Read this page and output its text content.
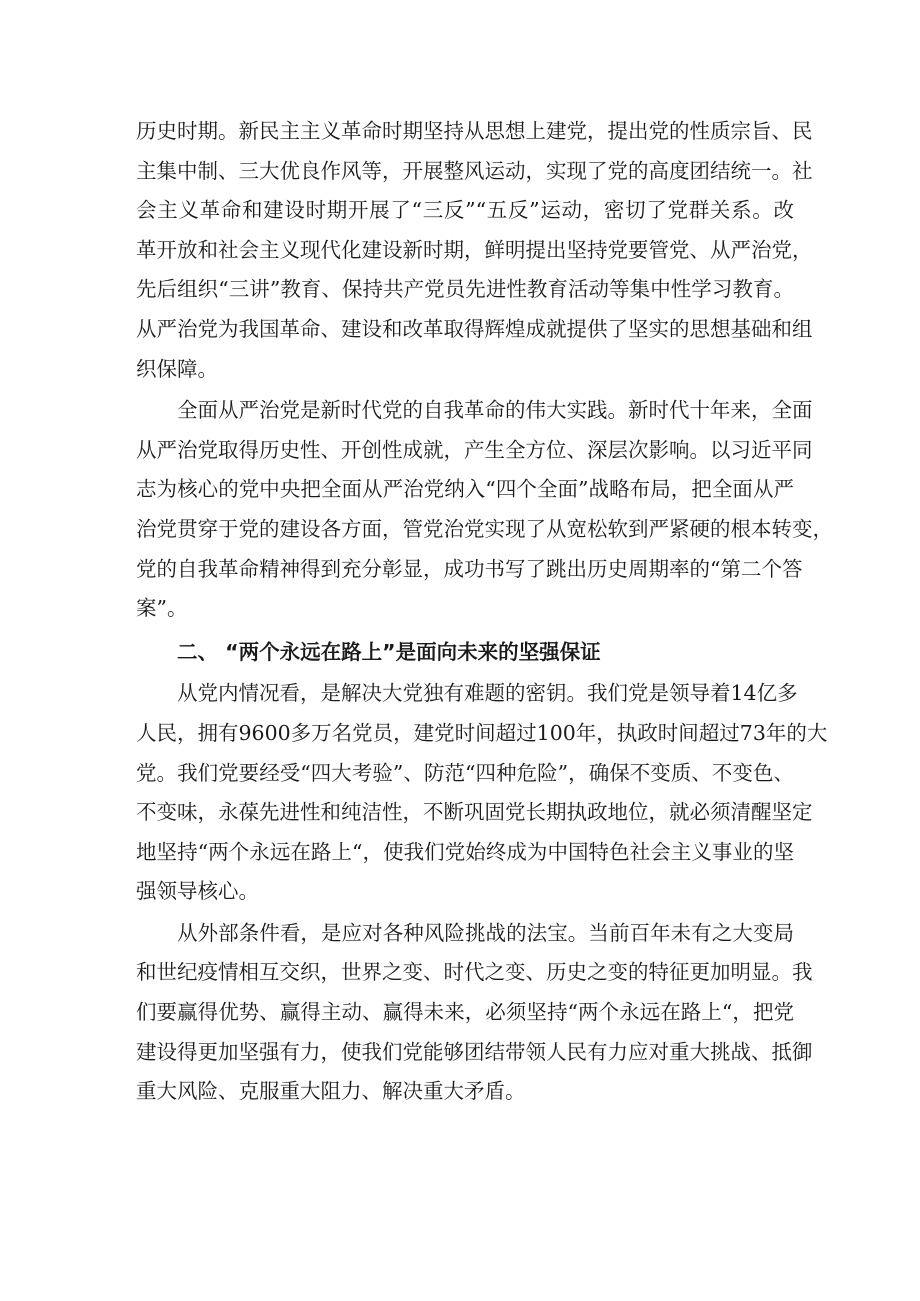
历史时期。新民主主义革命时期坚持从思想上建党，提出党的性质宗旨、民
主集中制、三大优良作风等，开展整风运动，实现了党的高度团结统一。社
会主义革命和建设时期开展了“三反”“五反”运动，密切了党群关系。改
革开放和社会主义现代化建设新时期，鲜明提出坚持党要管党、从严治党，
先后组织“三讲”教育、保持共产党员先进性教育活动等集中性学习教育。
从严治党为我国革命、建设和改革取得辉煌成就提供了坚实的思想基础和组
织保障。
全面从严治党是新时代党的自我革命的伟大实践。新时代十年来，全面
从严治党取得历史性、开创性成就，产生全方位、深层次影响。以习近平同
志为核心的党中央把全面从严治党纳入“四个全面”战略布局，把全面从严
治党贯穿于党的建设各方面，管党治党实现了从宽松软到严紧硬的根本转变，
党的自我革命精神得到充分彰显，成功书写了跳出历史周期率的“第二个答
案”。
二、 “两个永远在路上”是面向未来的坚强保证
从党内情况看，是解决大党独有难题的密钥。我们党是领导着14亿多
人民，拥有9600多万名党员，建党时间超过100年，执政时间超过73年的大
党。我们党要经受“四大考验”、防范“四种危险”，确保不变质、不变色、
不变味，永葆先进性和纯洁性，不断巩固党长期执政地位，就必须清醒坚定
地坚持“两个永远在路上“，使我们党始终成为中国特色社会主义事业的坚
强领导核心。
从外部条件看，是应对各种风险挑战的法宝。当前百年未有之大变局
和世纪疫情相互交织，世界之变、时代之变、历史之变的特征更加明显。我
们要赢得优势、赢得主动、赢得未来，必须坚持“两个永远在路上“，把党
建设得更加坚强有力，使我们党能够团结带领人民有力应对重大挑战、抵御
重大风险、克服重大阻力、解决重大矛盾。
